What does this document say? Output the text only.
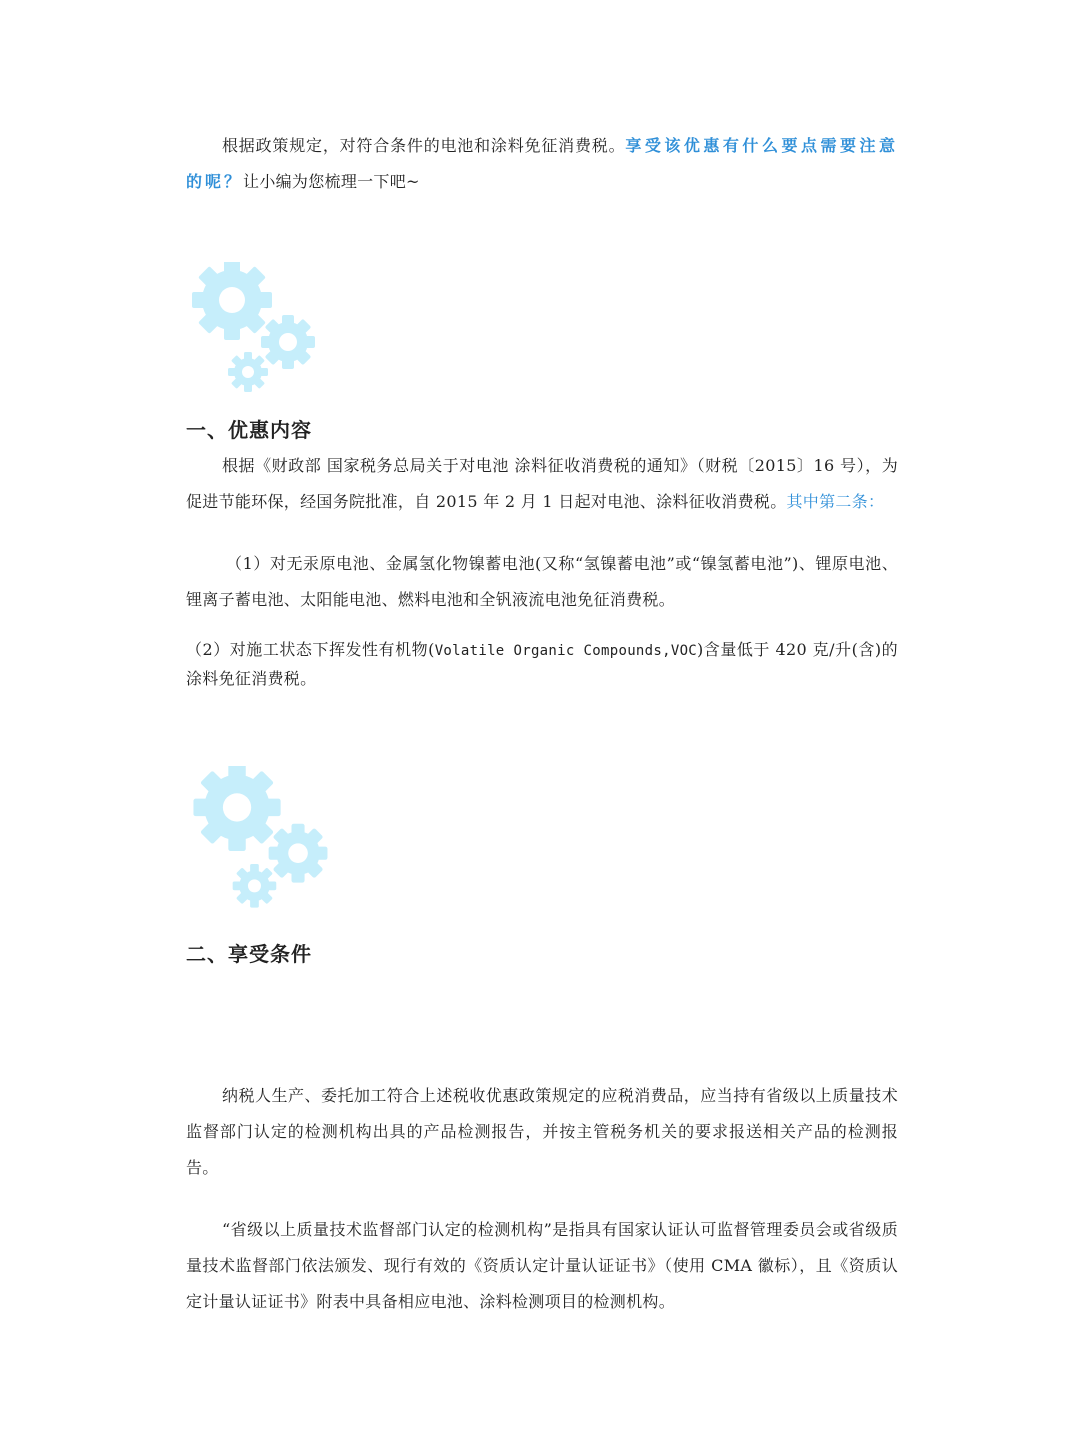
根据政策规定，对符合条件的电池和涂料免征消费税。享受该优惠有什么要点需要注意的呢？让小编为您梳理一下吧~

一、优惠内容

根据《财政部 国家税务总局关于对电池 涂料征收消费税的通知》（财税〔2015〕16 号），为促进节能环保，经国务院批准，自 2015 年 2 月 1 日起对电池、涂料征收消费税。其中第二条：

（1）对无汞原电池、金属氢化物镍蓄电池(又称“氢镍蓄电池”或“镍氢蓄电池”)、锂原电池、锂离子蓄电池、太阳能电池、燃料电池和全钒液流电池免征消费税。

（2）对施工状态下挥发性有机物(Volatile Organic Compounds,VOC)含量低于 420 克/升(含)的涂料免征消费税。

二、享受条件

纳税人生产、委托加工符合上述税收优惠政策规定的应税消费品，应当持有省级以上质量技术监督部门认定的检测机构出具的产品检测报告，并按主管税务机关的要求报送相关产品的检测报告。

“省级以上质量技术监督部门认定的检测机构”是指具有国家认证认可监督管理委员会或省级质量技术监督部门依法颁发、现行有效的《资质认定计量认证证书》（使用 CMA 徽标），且《资质认定计量认证证书》附表中具备相应电池、涂料检测项目的检测机构。
